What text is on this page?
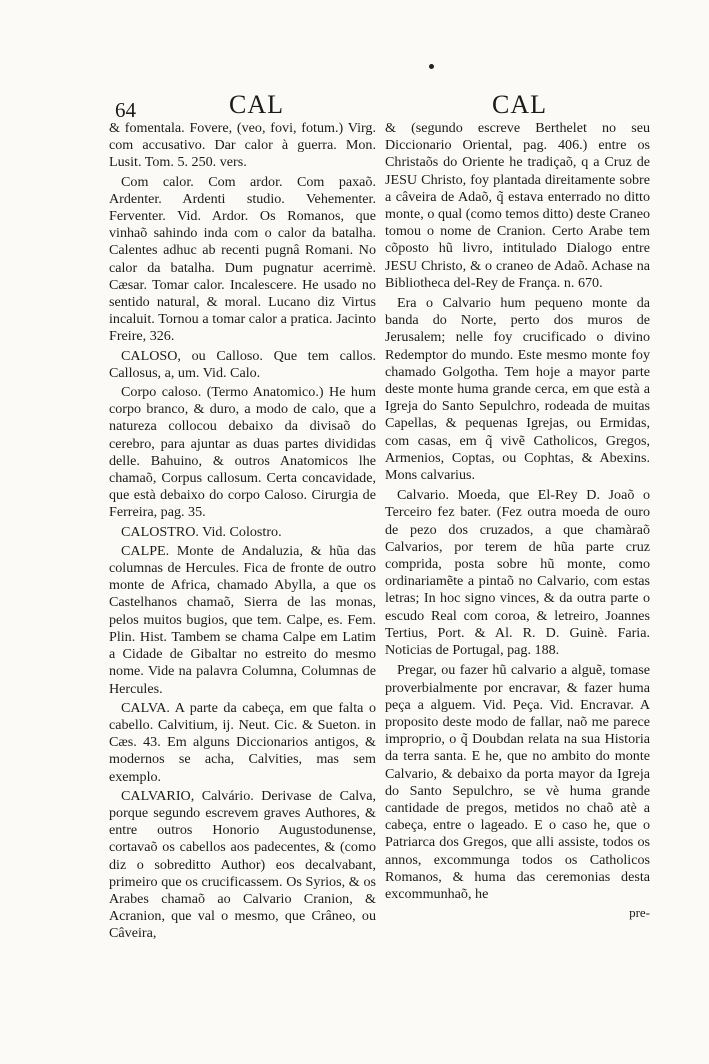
64	CAL	CAL

& fomentala. Fovere, (veo, fovi, fotum.) Virg. com accusativo. Dar calor à guerra. Mon. Lusit. Tom. 5. 250. vers.

Com calor. Com ardor. Com paxaõ. Ardenter. Ardenti studio. Vehementer. Ferventer. Vid. Ardor. Os Romanos, que vinhaõ sahindo inda com o calor da batalha. Calentes adhuc ab recenti pugnâ Romani. No calor da batalha. Dum pugnatur acerrimè. Cæsar. Tomar calor. Incalescere. He usado no sentido natural, & moral. Lucano diz Virtus incaluit. Tornou a tomar calor a pratica. Jacinto Freire, 326.

CALOSO, ou Calloso. Que tem callos. Callosus, a, um. Vid. Calo.

Corpo caloso. (Termo Anatomico.) He hum corpo branco, & duro, a modo de calo, que a natureza collocou debaixo da divisaõ do cerebro, para ajuntar as duas partes divididas delle. Bahuino, & outros Anatomicos lhe chamaõ, Corpus callosum. Certa concavidade, que està debaixo do corpo Caloso. Cirurgia de Ferreira, pag. 35.

CALOSTRO. Vid. Colostro.

CALPE. Monte de Andaluzia, & hũa das columnas de Hercules. Fica de fronte de outro monte de Africa, chamado Abylla, a que os Castelhanos chamaõ, Sierra de las monas, pelos muitos bugios, que tem. Calpe, es. Fem. Plin. Hist. Tambem se chama Calpe em Latim a Cidade de Gibaltar no estreito do mesmo nome. Vide na palavra Columna, Columnas de Hercules.

CALVA. A parte da cabeça, em que falta o cabello. Calvitium, ij. Neut. Cic. & Sueton. in Cæs. 43. Em alguns Diccionarios antigos, & modernos se acha, Calvities, mas sem exemplo.

CALVARIO, Calvário. Derivase de Calva, porque segundo escrevem graves Authores, & entre outros Honorio Augustodunense, cortavaõ os cabellos aos padecentes, & (como diz o sobreditto Author) eos decalvabant, primeiro que os crucificassem. Os Syrios, & os Arabes chamaõ ao Calvario Cranion, & Acranion, que val o mesmo, que Crâneo, ou Câveira,

& (segundo escreve Berthelet no seu Diccionario Oriental, pag. 406.) entre os Christaõs do Oriente he tradiçaõ, q a Cruz de JESU Christo, foy plantada direitamente sobre a câveira de Adaõ, q̃ estava enterrado no ditto monte, o qual (como temos ditto) deste Craneo tomou o nome de Cranion. Certo Arabe tem cõposto hũ livro, intitulado Dialogo entre JESU Christo, & o craneo de Adaõ. Achase na Bibliotheca del-Rey de França. n. 670.

Era o Calvario hum pequeno monte da banda do Norte, perto dos muros de Jerusalem; nelle foy crucificado o divino Redemptor do mundo. Este mesmo monte foy chamado Golgotha. Tem hoje a mayor parte deste monte huma grande cerca, em que està a Igreja do Santo Sepulchro, rodeada de muitas Capellas, & pequenas Igrejas, ou Ermidas, com casas, em q̃ vivẽ Catholicos, Gregos, Armenios, Coptas, ou Cophtas, & Abexins. Mons calvarius.

Calvario. Moeda, que El-Rey D. Joaõ o Terceiro fez bater. (Fez outra moeda de ouro de pezo dos cruzados, a que chamàraõ Calvarios, por terem de hũa parte cruz comprida, posta sobre hũ monte, como ordinariamẽte a pintaõ no Calvario, com estas letras; In hoc signo vinces, & da outra parte o escudo Real com coroa, & letreiro, Joannes Tertius, Port. & Al. R. D. Guinè. Faria. Noticias de Portugal, pag. 188.

Pregar, ou fazer hũ calvario a alguẽ, tomase proverbialmente por encravar, & fazer huma peça a alguem. Vid. Peça. Vid. Encravar. A proposito deste modo de fallar, naõ me parece improprio, o q̃ Doubdan relata na sua Historia da terra santa. E he, que no ambito do monte Calvario, & debaixo da porta mayor da Igreja do Santo Sepulchro, se vè huma grande cantidade de pregos, metidos no chaõ atè a cabeça, entre o lageado. E o caso he, que o Patriarca dos Gregos, que alli assiste, todos os annos, excommunga todos os Catholicos Romanos, & huma das ceremonias desta excommunhaõ, he

pre-
